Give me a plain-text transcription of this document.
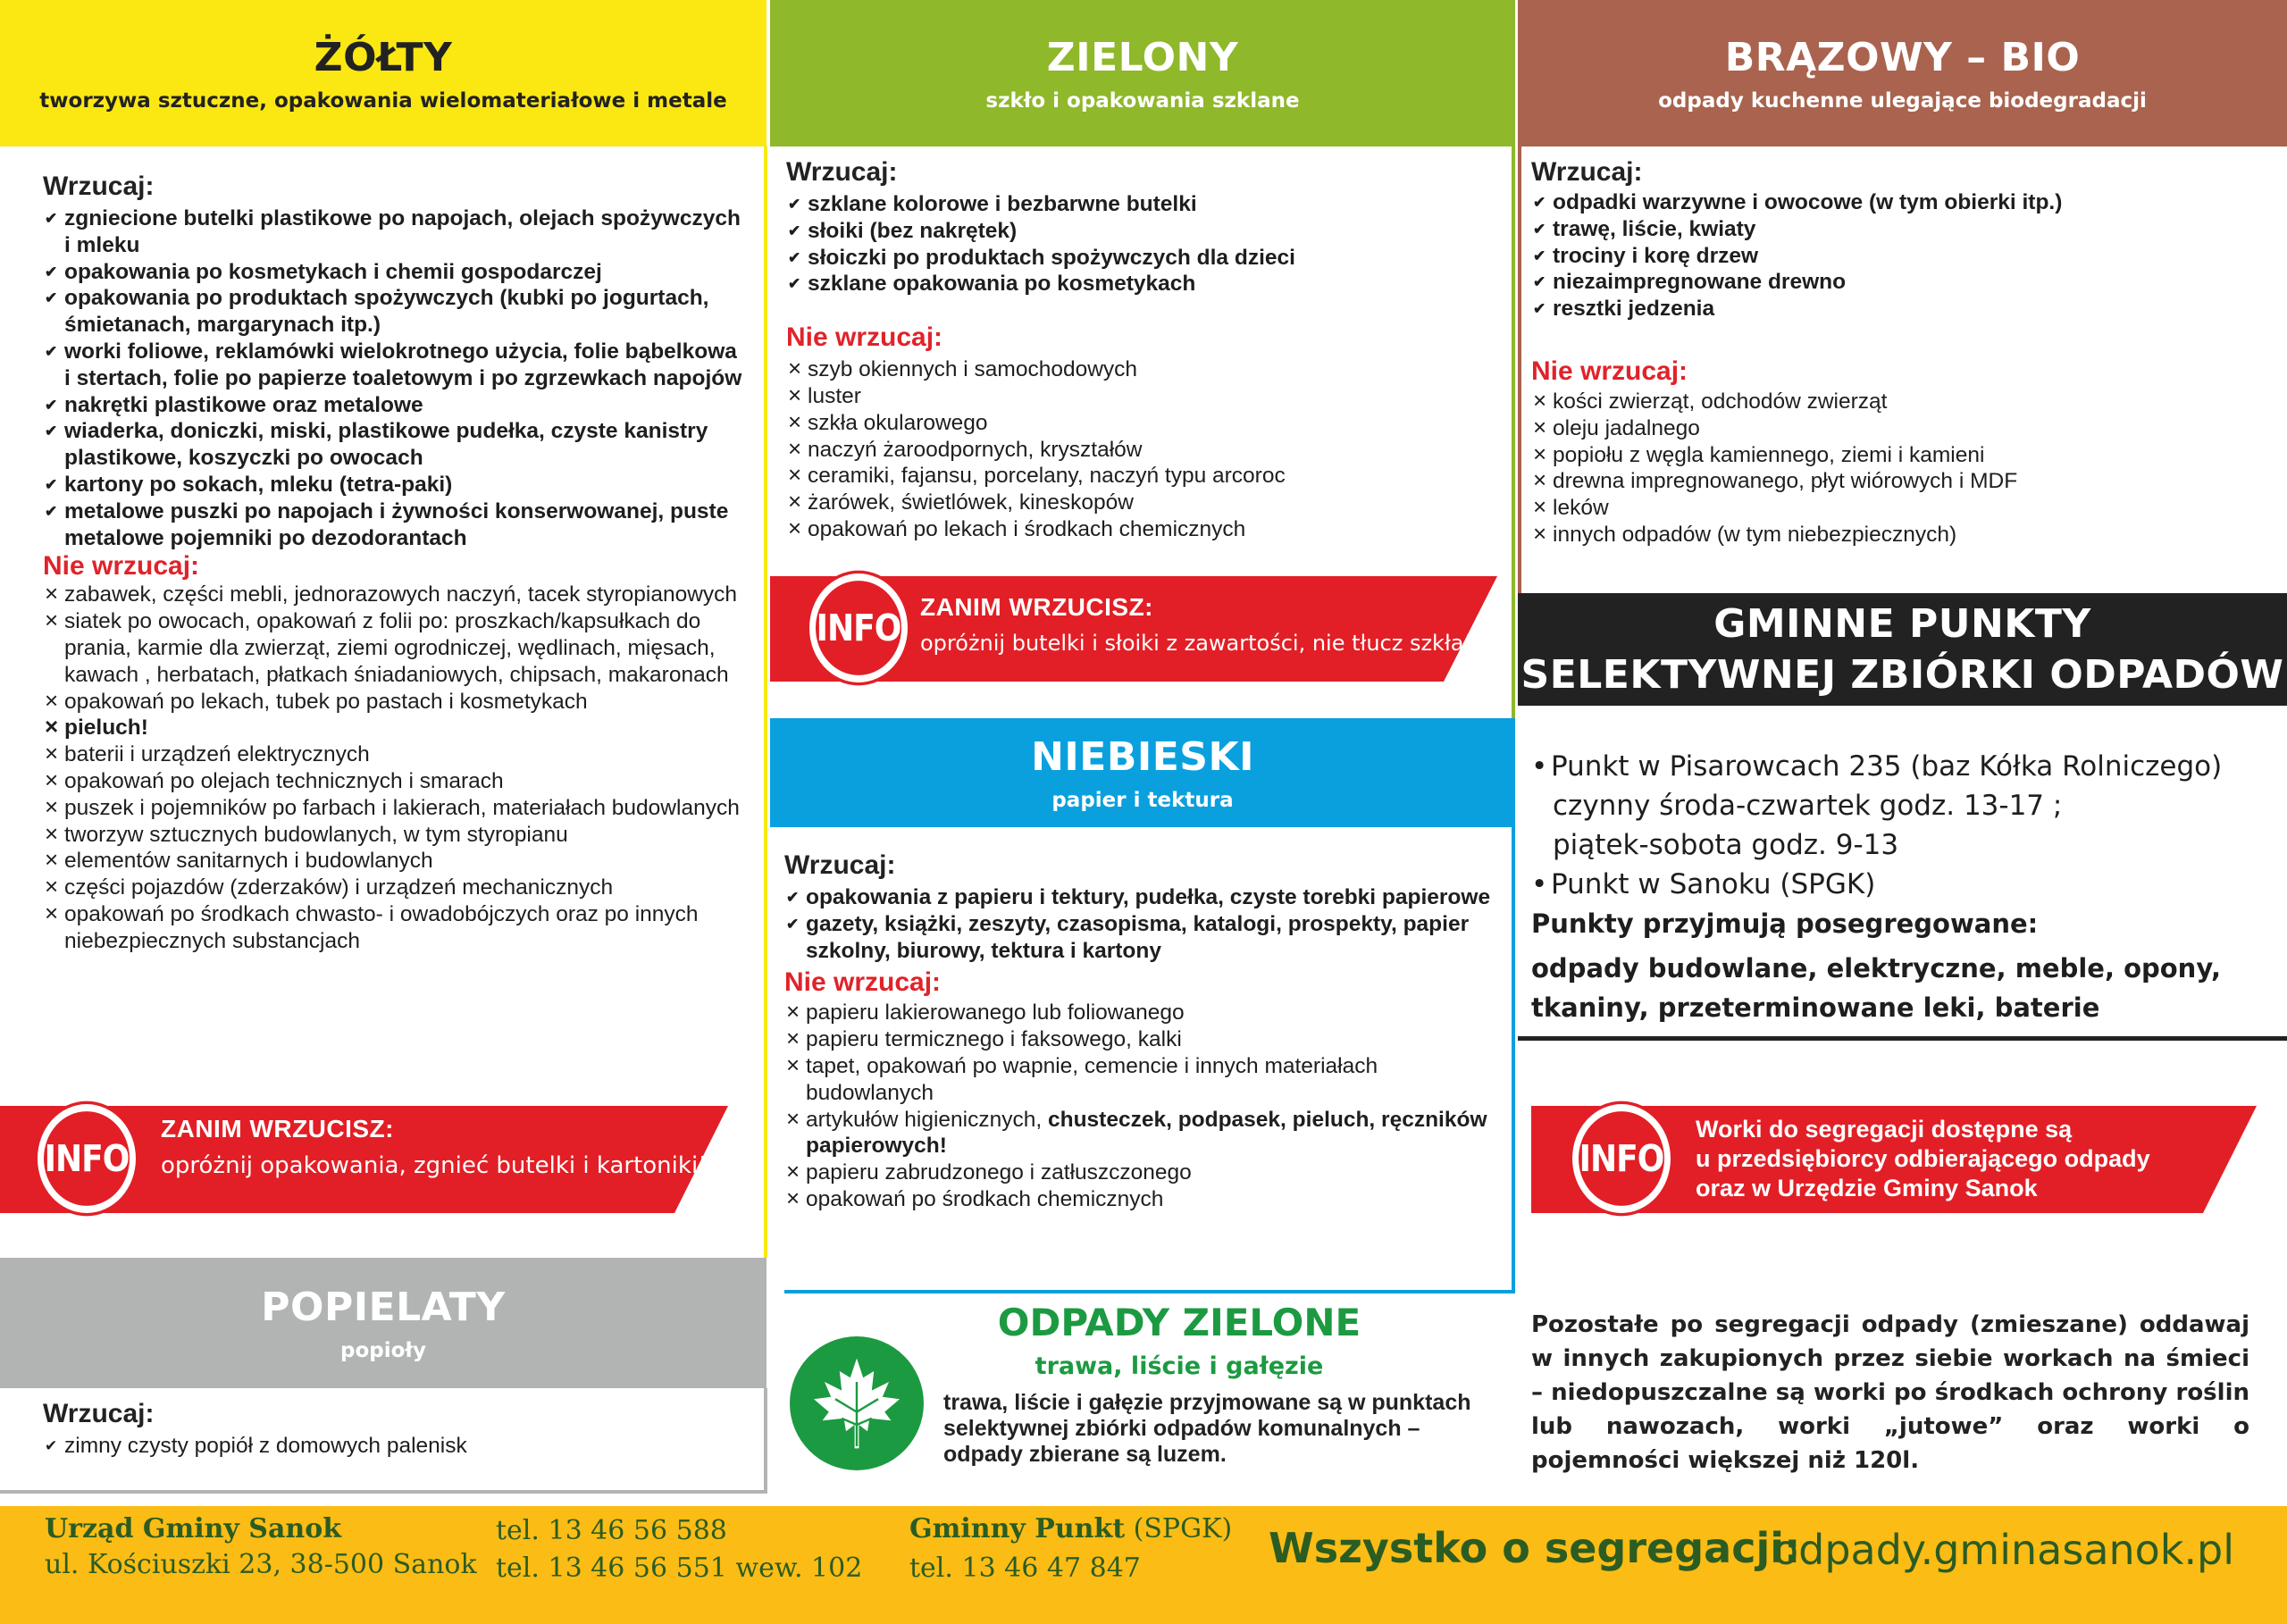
ŻÓŁTY
tworzywa sztuczne, opakowania wielomateriałowe i metale
Wrzucaj:
✔ zgniecione butelki plastikowe po napojach, olejach spożywczych i mleku
✔ opakowania po kosmetykach i chemii gospodarczej
✔ opakowania po produktach spożywczych (kubki po jogurtach, śmietanach, margarynach itp.)
✔ worki foliowe, reklamówki wielokrotnego użycia, folie bąbelkowa i stertach, folie po papierze toaletowym i po zgrzewkach napojów
✔ nakrętki plastikowe oraz metalowe
✔ wiaderka, doniczki, miski, plastikowe pudełka, czyste kanistry plastikowe, koszyczki po owocach
✔ kartony po sokach, mleku (tetra-paki)
✔ metalowe puszki po napojach i żywności konserwowanej, puste metalowe pojemniki po dezodorantach
Nie wrzucaj:
× zabawek, części mebli, jednorazowych naczyń, tacek styropianowych
× siatek po owocach, opakowań z folii po: proszkach/kapsułkach do prania, karmie dla zwierząt, ziemi ogrodniczej, wędlinach, mięsach, kawach , herbatach, płatkach śniadaniowych, chipsach, makaronach
× opakowań po lekach, tubek po pastach i kosmetykach
× pieluch!
× baterii i urządzeń elektrycznych
× opakowań po olejach technicznych i smarach
× puszek i pojemników po farbach i lakierach, materiałach budowlanych
× tworzyw sztucznych budowlanych, w tym styropianu
× elementów sanitarnych i budowlanych
× części pojazdów (zderzaków) i urządzeń mechanicznych
× opakowań po środkach chwasto- i owadobójczych oraz po innych niebezpiecznych substancjach
INFO
ZANIM WRZUCISZ:
opróżnij opakowania, zgnieć butelki i kartoniki!
POPIELATY
popioły
Wrzucaj:
✔ zimny czysty popiół z domowych palenisk
ZIELONY
szkło i opakowania szklane
Wrzucaj:
✔ szklane kolorowe i bezbarwne butelki
✔ słoiki (bez nakrętek)
✔ słoiczki po produktach spożywczych dla dzieci
✔ szklane opakowania po kosmetykach
Nie wrzucaj:
× szyb okiennych i samochodowych
× luster
× szkła okularowego
× naczyń żaroodpornych, kryształów
× ceramiki, fajansu, porcelany, naczyń typu arcoroc
× żarówek, świetlówek, kineskopów
× opakowań po lekach i środkach chemicznych
INFO ZANIM WRZUCISZ:
opróżnij butelki i słoiki z zawartości, nie tłucz szkła!
NIEBIESKI
papier i tektura
Wrzucaj:
✔ opakowania z papieru i tektury, pudełka, czyste torebki papierowe
✔ gazety, książki, zeszyty, czasopisma, katalogi, prospekty, papier szkolny, biurowy, tektura i kartony
Nie wrzucaj:
× papieru lakierowanego lub foliowanego
× papieru termicznego i faksowego, kalki
× tapet, opakowań po wapnie, cemencie i innych materiałach budowlanych
× artykułów higienicznych, chusteczek, podpasek, pieluch, ręczników papierowych!
× papieru zabrudzonego i zatłuszczonego
× opakowań po środkach chemicznych
ODPADY ZIELONE
trawa, liście i gałęzie
trawa, liście i gałęzie przyjmowane są w punktach selektywnej zbiórki odpadów komunalnych – odpady zbierane są luzem.
BRĄZOWY – BIO
odpady kuchenne ulegające biodegradacji
Wrzucaj:
✔ odpadki warzywne i owocowe (w tym obierki itp.)
✔ trawę, liście, kwiaty
✔ trociny i korę drzew
✔ niezaimpregnowane drewno
✔ resztki jedzenia
Nie wrzucaj:
× kości zwierząt, odchodów zwierząt
× oleju jadalnego
× popiołu z węgla kamiennego, ziemi i kamieni
× drewna impregnowanego, płyt wiórowych i MDF
× leków
× innych odpadów (w tym niebezpiecznych)
GMINNE PUNKTY
SELEKTYWNEJ ZBIÓRKI ODPADÓW
• Punkt w Pisarowcach 235 (baz Kółka Rolniczego)
czynny środa-czwartek godz. 13-17 ;
piątek-sobota godz. 9-13
• Punkt w Sanoku (SPGK)
Punkty przyjmują posegregowane:
odpady budowlane, elektryczne, meble, opony, tkaniny, przeterminowane leki, baterie
INFO
Worki do segregacji dostępne są
u przedsiębiorcy odbierającego odpady
oraz w Urzędzie Gminy Sanok
Pozostałe po segregacji odpady (zmieszane) oddawaj w innych zakupionych przez siebie workach na śmieci – niedopuszczalne są worki po środkach ochrony roślin lub nawozach, worki „jutowe” oraz worki o pojemności większej niż 120l.
Urząd Gminy Sanok
ul. Kościuszki 23, 38-500 Sanok
tel. 13 46 56 588
tel. 13 46 56 551 wew. 102
Gminny Punkt (SPGK)
tel. 13 46 47 847	Wszystko o segregacji:
odpady.gminasanok.pl
